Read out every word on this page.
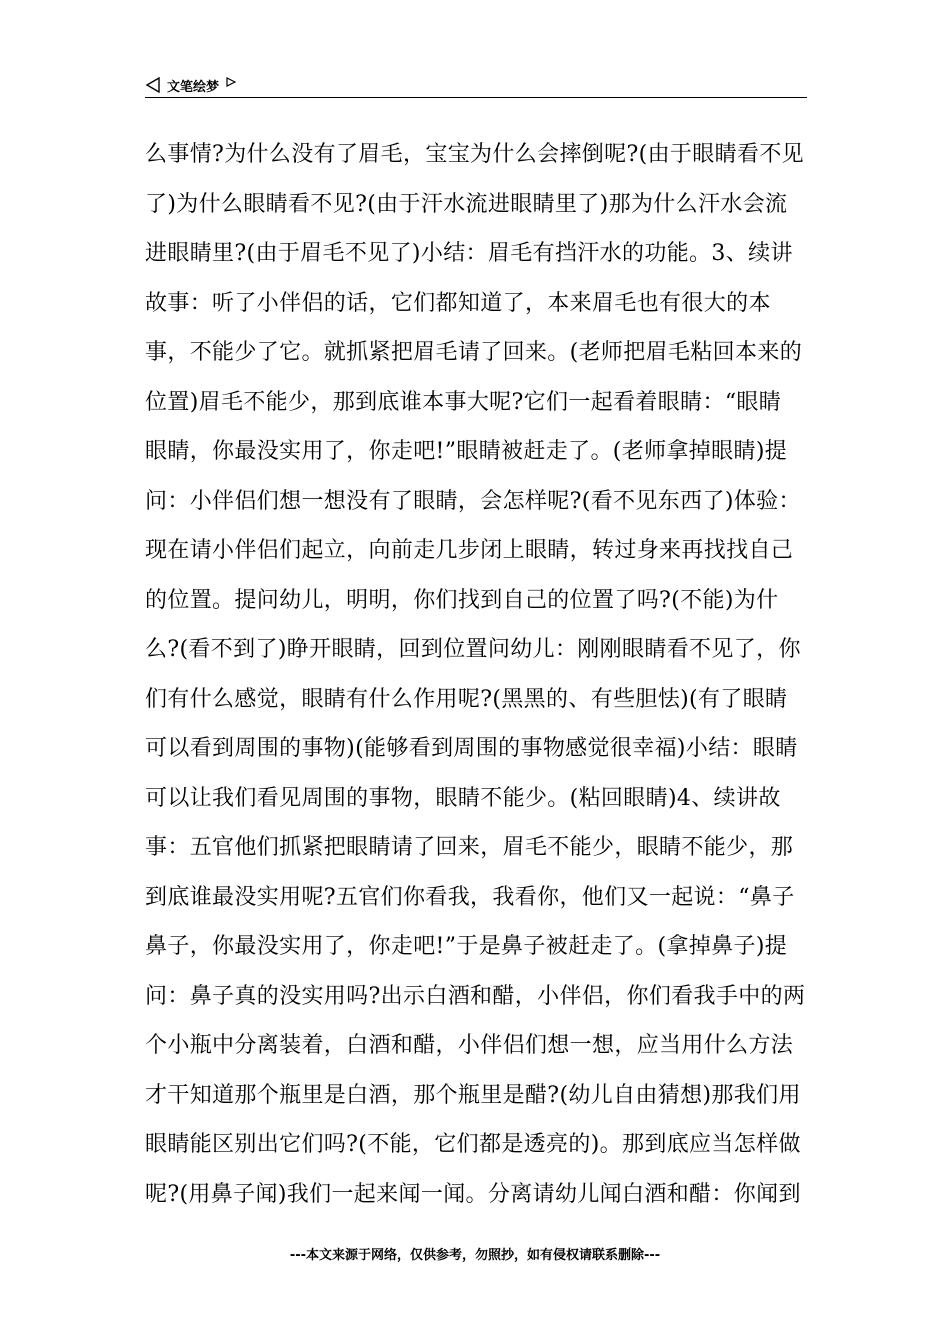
文笔绘梦
么事情?为什么没有了眉毛，宝宝为什么会摔倒呢?(由于眼睛看不见
了)为什么眼睛看不见?(由于汗水流进眼睛里了)那为什么汗水会流
进眼睛里?(由于眉毛不见了)小结：眉毛有挡汗水的功能。3、续讲
故事：听了小伴侣的话，它们都知道了，本来眉毛也有很大的本
事，不能少了它。就抓紧把眉毛请了回来。(老师把眉毛粘回本来的
位置)眉毛不能少，那到底谁本事大呢?它们一起看着眼睛：“眼睛
眼睛，你最没实用了，你走吧!”眼睛被赶走了。(老师拿掉眼睛)提
问：小伴侣们想一想没有了眼睛，会怎样呢?(看不见东西了)体验：
现在请小伴侣们起立，向前走几步闭上眼睛，转过身来再找找自己
的位置。提问幼儿，明明，你们找到自己的位置了吗?(不能)为什
么?(看不到了)睁开眼睛，回到位置问幼儿：刚刚眼睛看不见了，你
们有什么感觉，眼睛有什么作用呢?(黑黑的、有些胆怯)(有了眼睛
可以看到周围的事物)(能够看到周围的事物感觉很幸福)小结：眼睛
可以让我们看见周围的事物，眼睛不能少。(粘回眼睛)4、续讲故
事：五官他们抓紧把眼睛请了回来，眉毛不能少，眼睛不能少，那
到底谁最没实用呢?五官们你看我，我看你，他们又一起说：“鼻子
鼻子，你最没实用了，你走吧!”于是鼻子被赶走了。(拿掉鼻子)提
问：鼻子真的没实用吗?出示白酒和醋，小伴侣，你们看我手中的两
个小瓶中分离装着，白酒和醋，小伴侣们想一想，应当用什么方法
才干知道那个瓶里是白酒，那个瓶里是醋?(幼儿自由猜想)那我们用
眼睛能区别出它们吗?(不能，它们都是透亮的)。那到底应当怎样做
呢?(用鼻子闻)我们一起来闻一闻。分离请幼儿闻白酒和醋：你闻到
---本文来源于网络，仅供参考，勿照抄，如有侵权请联系删除---
